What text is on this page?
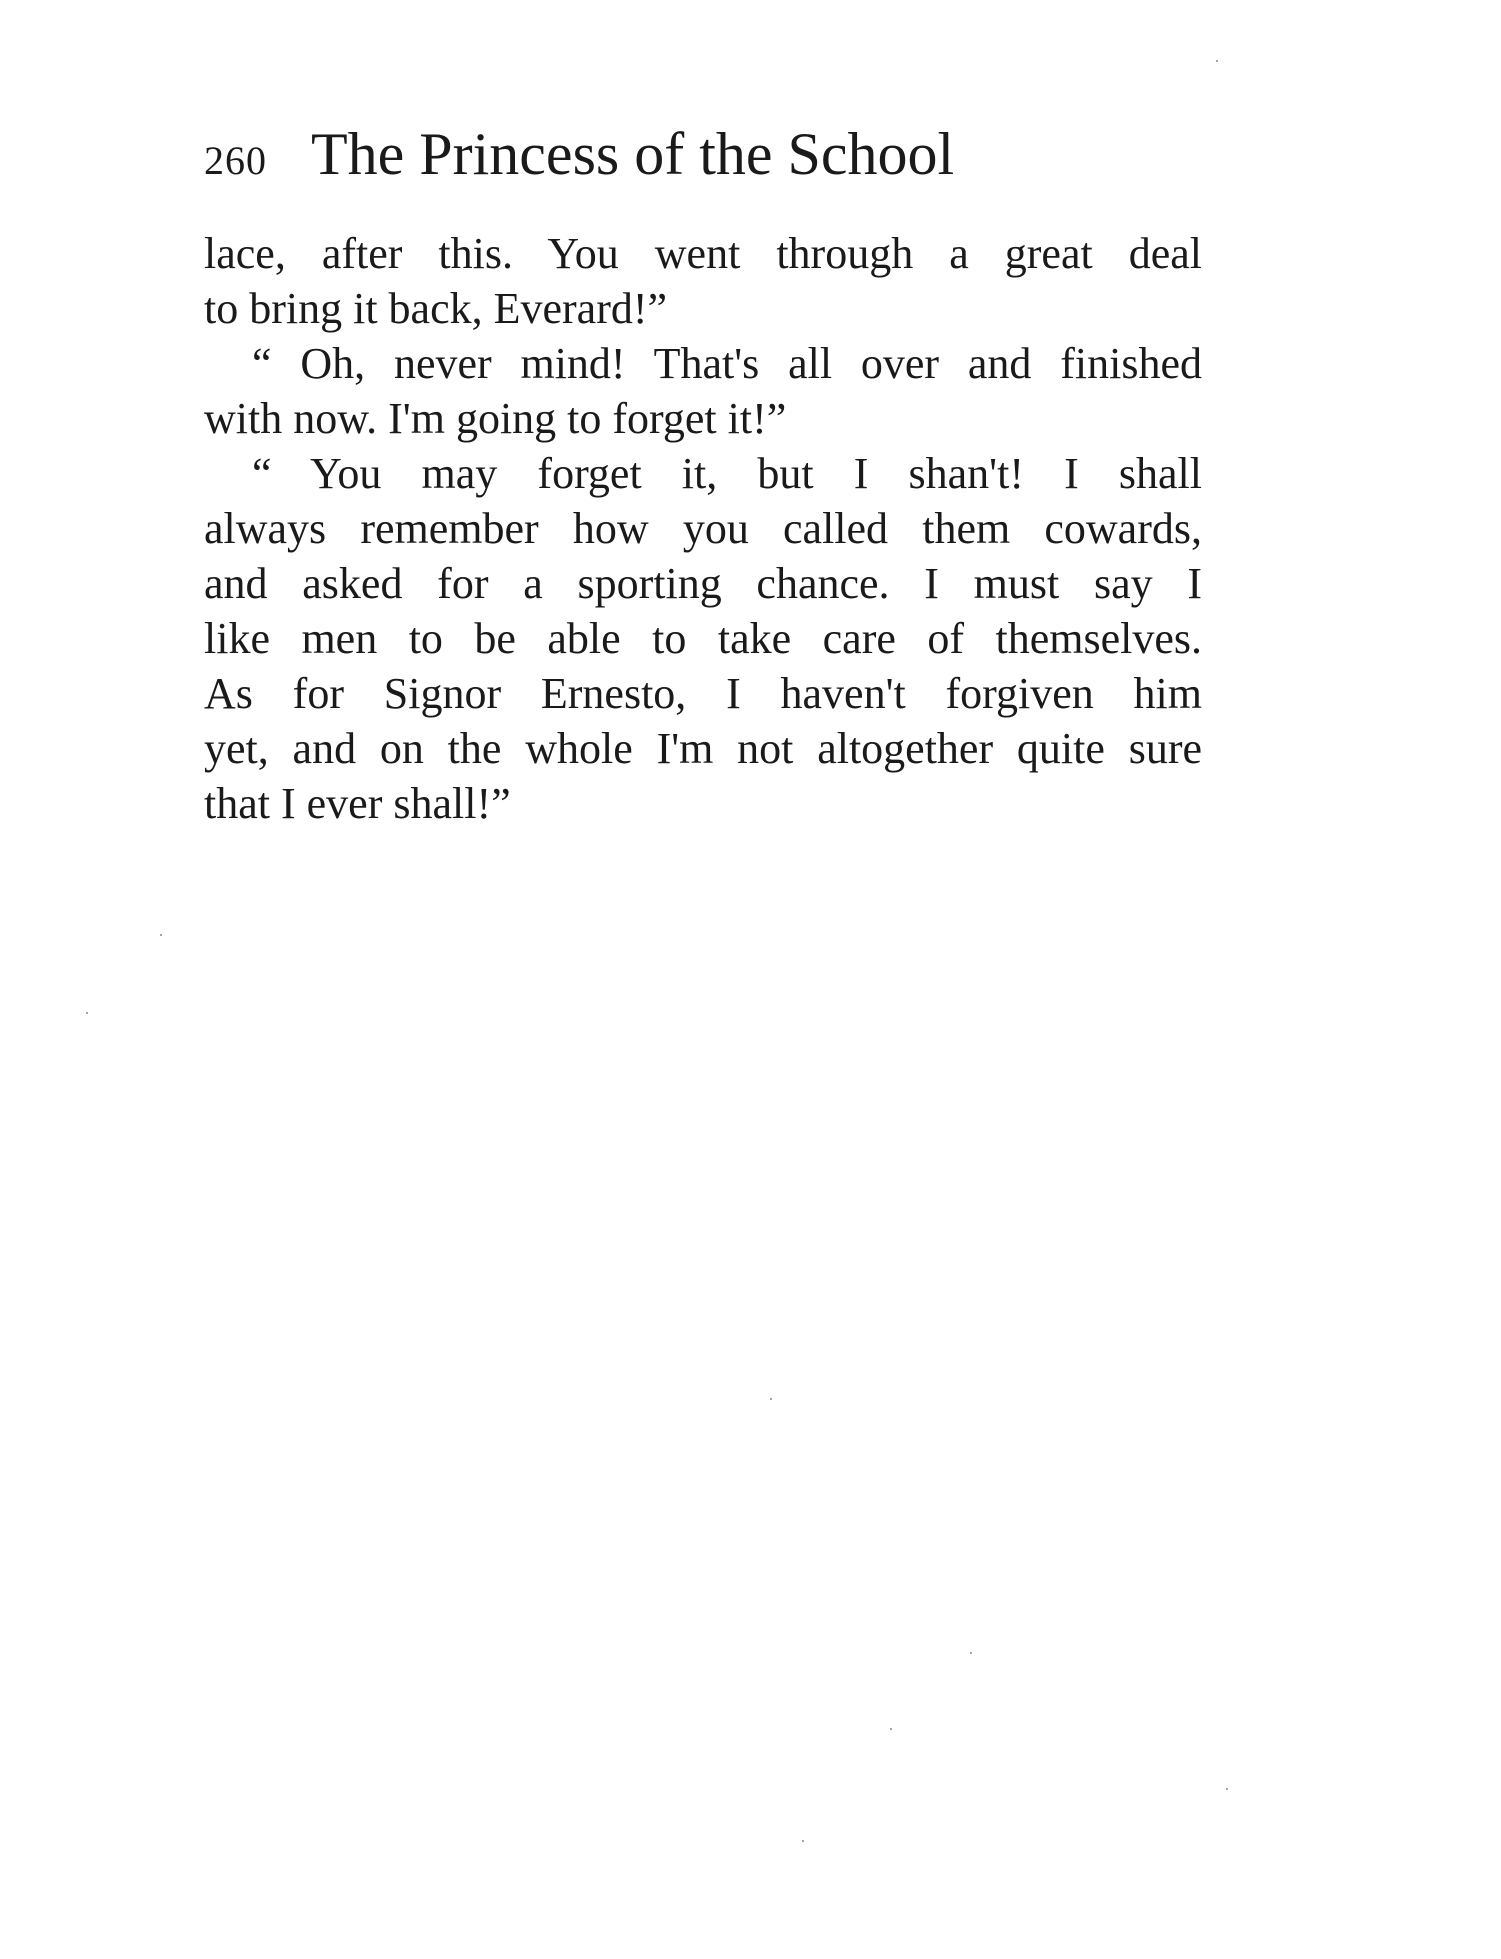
260 The Princess of the School
lace, after this. You went through a great deal
to bring it back, Everard!”
“ Oh, never mind! That's all over and finished
with now. I'm going to forget it!”
“ You may forget it, but I shan't! I shall
always remember how you called them cowards,
and asked for a sporting chance. I must say I
like men to be able to take care of themselves.
As for Signor Ernesto, I haven't forgiven him
yet, and on the whole I'm not altogether quite sure
that I ever shall!”
